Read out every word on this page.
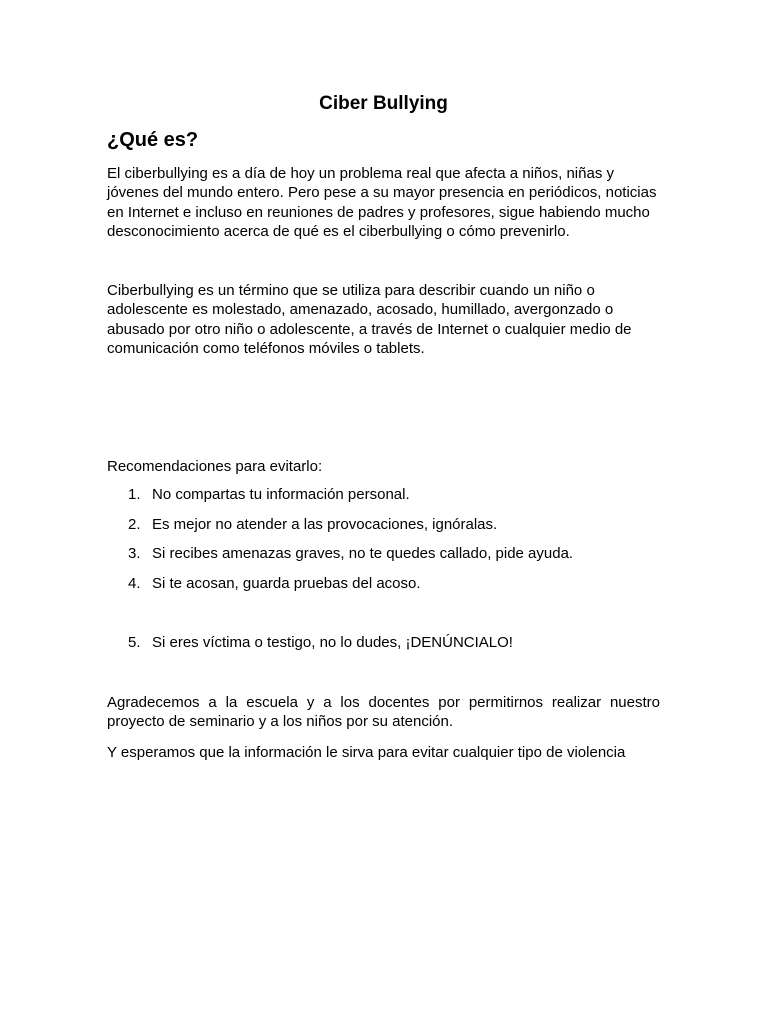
Ciber Bullying
¿Qué es?

El ciberbullying es a día de hoy un problema real que afecta a niños, niñas y jóvenes del mundo entero. Pero pese a su mayor presencia en periódicos, noticias en Internet e incluso en reuniones de padres y profesores, sigue habiendo mucho desconocimiento acerca de qué es el ciberbullying o cómo prevenirlo.

Ciberbullying es un término que se utiliza para describir cuando un niño o adolescente es molestado, amenazado, acosado, humillado, avergonzado o abusado por otro niño o adolescente, a través de Internet o cualquier medio de comunicación como teléfonos móviles o tablets.

Recomendaciones para evitarlo:

1. No compartas tu información personal.
2. Es mejor no atender a las provocaciones, ignóralas.
3. Si recibes amenazas graves, no te quedes callado, pide ayuda.
4. Si te acosan, guarda pruebas del acoso.
5. Si eres víctima o testigo, no lo dudes, ¡DENÚNCIALO!

Agradecemos a la escuela y a los docentes por permitirnos realizar nuestro proyecto de seminario y a los niños por su atención.

Y esperamos que la información le sirva para evitar cualquier tipo de violencia
